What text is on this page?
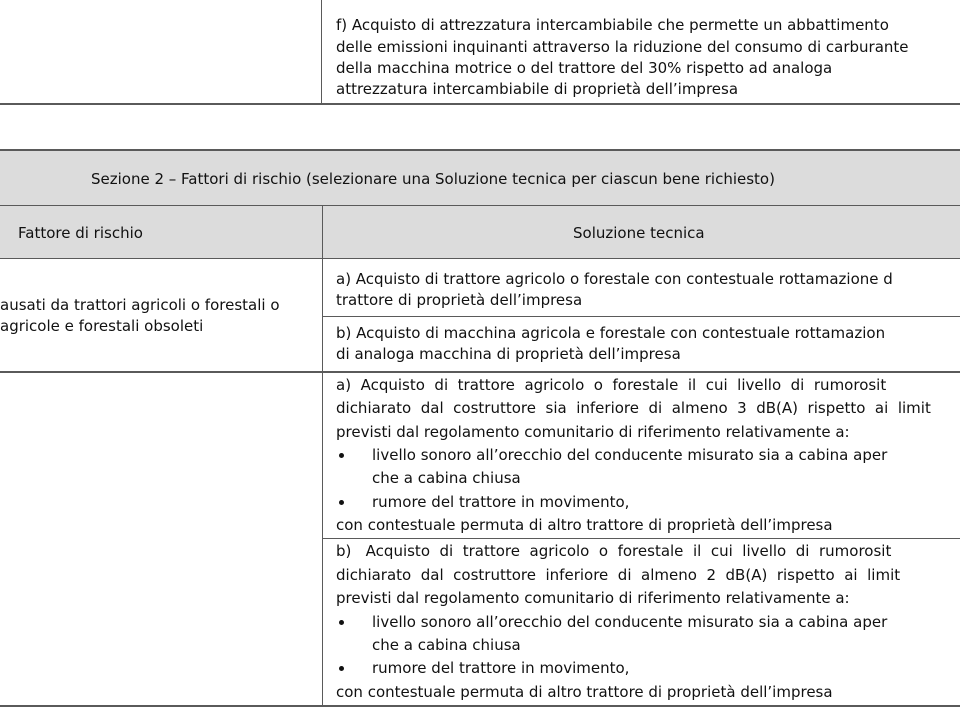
f) Acquisto di attrezzatura intercambiabile che permette un abbattimento
delle emissioni inquinanti attraverso la riduzione del consumo di carburante
della macchina motrice o del trattore del 30% rispetto ad analoga
attrezzatura intercambiabile di proprietà dell’impresa
Sezione 2 – Fattori di rischio (selezionare una Soluzione tecnica per ciascun bene richiesto)
Fattore di rischio	Soluzione tecnica
ausati da trattori agricoli o forestali o
agricole e forestali obsoleti
a) Acquisto di trattore agricolo o forestale con contestuale rottamazione d
trattore di proprietà dell’impresa
b) Acquisto di macchina agricola e forestale con contestuale rottamazion
di analoga macchina di proprietà dell’impresa
a)  Acquisto  di  trattore  agricolo  o  forestale  il  cui  livello  di  rumorosit
dichiarato  dal  costruttore  sia  inferiore  di  almeno  3  dB(A)  rispetto  ai  limit
previsti dal regolamento comunitario di riferimento relativamente a:
livello sonoro all’orecchio del conducente misurato sia a cabina aper
che a cabina chiusa
rumore del trattore in movimento,
con contestuale permuta di altro trattore di proprietà dell’impresa
b)   Acquisto  di  trattore  agricolo  o  forestale  il  cui  livello  di  rumorosit
dichiarato  dal  costruttore  inferiore  di  almeno  2  dB(A)  rispetto  ai  limit
previsti dal regolamento comunitario di riferimento relativamente a:
livello sonoro all’orecchio del conducente misurato sia a cabina aper
che a cabina chiusa
rumore del trattore in movimento,
con contestuale permuta di altro trattore di proprietà dell’impresa
